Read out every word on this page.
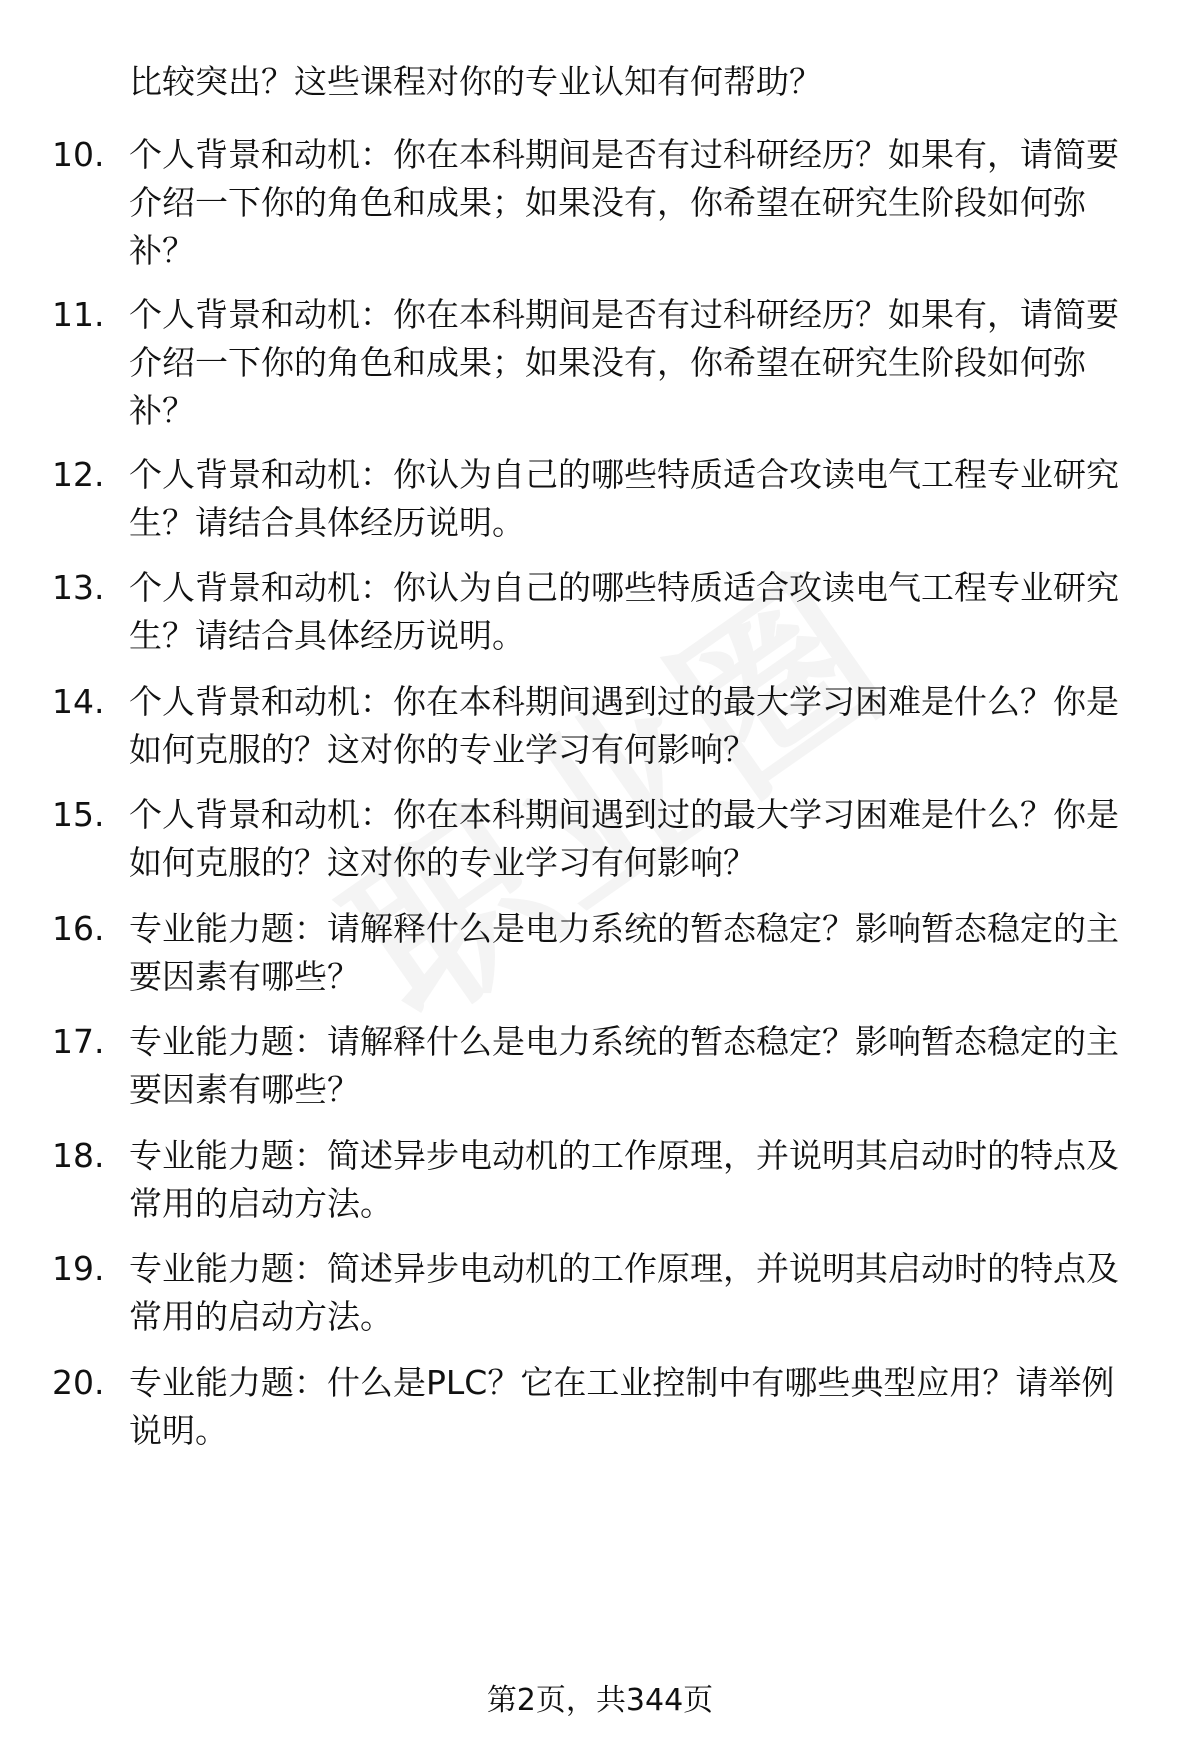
比较突出？这些课程对你的专业认知有何帮助？
10. 个人背景和动机：你在本科期间是否有过科研经历？如果有，请简要介绍一下你的角色和成果；如果没有，你希望在研究生阶段如何弥补？
11. 个人背景和动机：你在本科期间是否有过科研经历？如果有，请简要介绍一下你的角色和成果；如果没有，你希望在研究生阶段如何弥补？
12. 个人背景和动机：你认为自己的哪些特质适合攻读电气工程专业研究生？请结合具体经历说明。
13. 个人背景和动机：你认为自己的哪些特质适合攻读电气工程专业研究生？请结合具体经历说明。
14. 个人背景和动机：你在本科期间遇到过的最大学习困难是什么？你是如何克服的？这对你的专业学习有何影响？
15. 个人背景和动机：你在本科期间遇到过的最大学习困难是什么？你是如何克服的？这对你的专业学习有何影响？
16. 专业能力题：请解释什么是电力系统的暂态稳定？影响暂态稳定的主要因素有哪些？
17. 专业能力题：请解释什么是电力系统的暂态稳定？影响暂态稳定的主要因素有哪些？
18. 专业能力题：简述异步电动机的工作原理，并说明其启动时的特点及常用的启动方法。
19. 专业能力题：简述异步电动机的工作原理，并说明其启动时的特点及常用的启动方法。
20. 专业能力题：什么是PLC？它在工业控制中有哪些典型应用？请举例说明。
第2页，共344页
